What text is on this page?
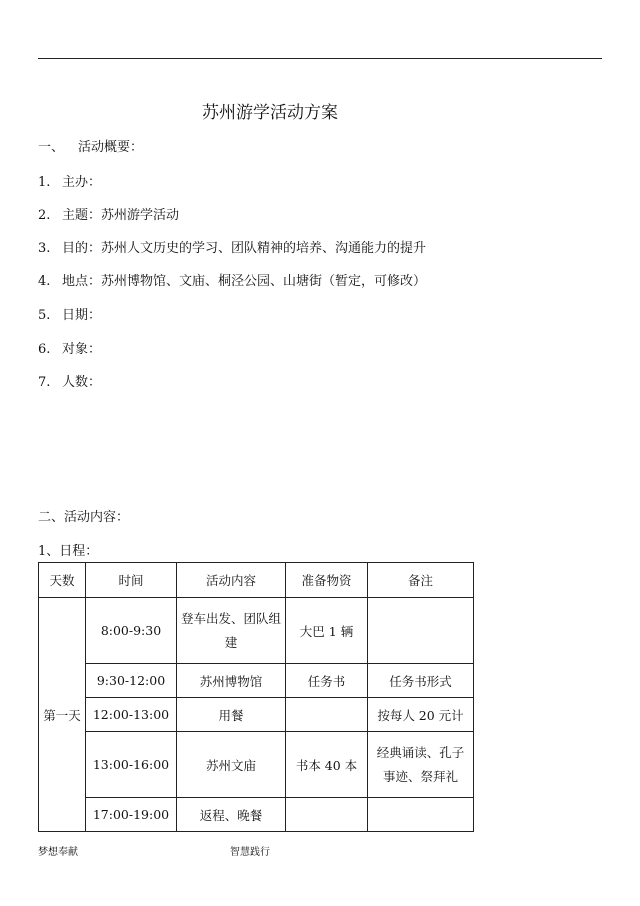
苏州游学活动方案
一、 活动概要：
1. 主办：
2. 主题：苏州游学活动
3. 目的：苏州人文历史的学习、团队精神的培养、沟通能力的提升
4. 地点：苏州博物馆、文庙、桐泾公园、山塘街（暂定，可修改）
5. 日期：
6. 对象：
7. 人数：
二、活动内容：
1、日程：
天数	时间	活动内容	准备物资	备注
第一天	8:00-9:30	登车出发、团队组建	大巴 1 辆	
	9:30-12:00	苏州博物馆	任务书	任务书形式
	12:00-13:00	用餐		按每人 20 元计
	13:00-16:00	苏州文庙	书本 40 本	经典诵读、孔子事迹、祭拜礼
	17:00-19:00	返程、晚餐		
梦想奉献	智慧践行
